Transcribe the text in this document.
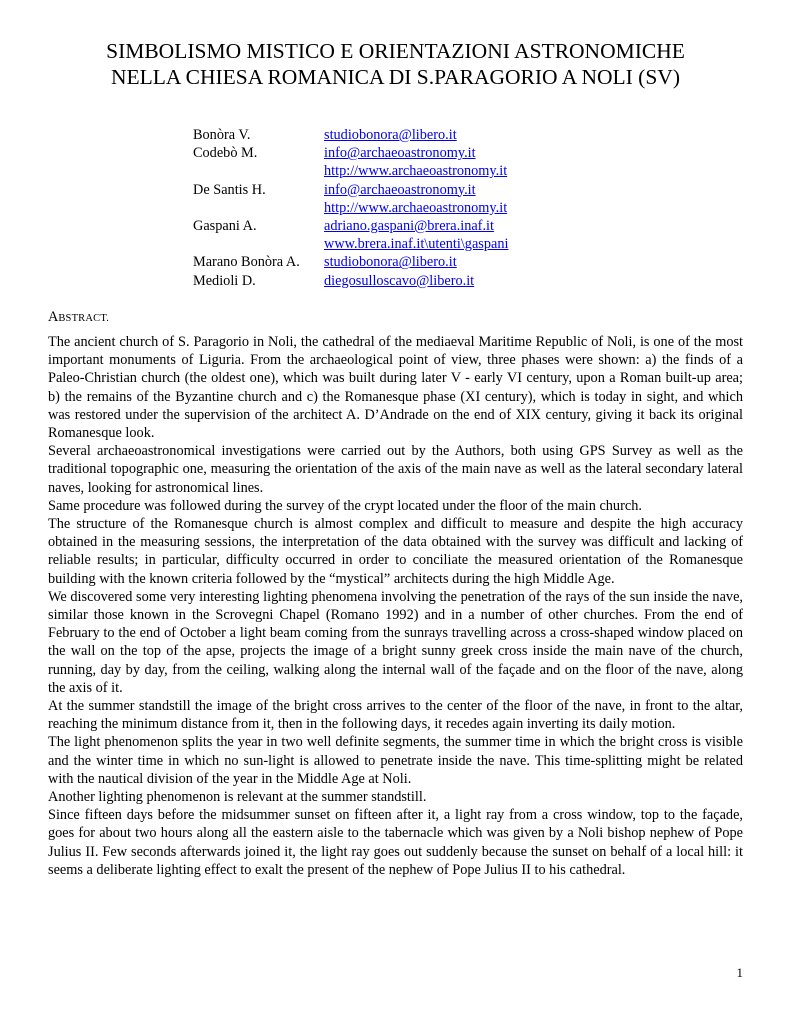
SIMBOLISMO MISTICO E ORIENTAZIONI ASTRONOMICHE
NELLA CHIESA ROMANICA DI S.PARAGORIO A NOLI (SV)
Bonòra V.	studiobonora@libero.it
Codebò M.	info@archaeoastronomy.it
http://www.archaeoastronomy.it
De Santis H.	info@archaeoastronomy.it
http://www.archaeoastronomy.it
Gaspani A.	adriano.gaspani@brera.inaf.it
www.brera.inaf.it\utenti\gaspani
Marano Bonòra A.	studiobonora@libero.it
Medioli D.	diegosulloscavo@libero.it
ABSTRACT.

The ancient church of S. Paragorio in Noli, the cathedral of the mediaeval Maritime Republic of Noli, is one of the most important monuments of Liguria. From the archaeological point of view, three phases were shown: a) the finds of a Paleo-Christian church (the oldest one), which was built during later V - early VI century, upon a Roman built-up area; b) the remains of the Byzantine church and c) the Romanesque phase (XI century), which is today in sight, and which was restored under the supervision of the architect A. D’Andrade on the end of XIX century, giving it back its original Romanesque look.

Several archaeoastronomical investigations were carried out by the Authors, both using GPS Survey as well as the traditional topographic one, measuring the orientation of the axis of the main nave as well as the lateral secondary lateral naves, looking for astronomical lines.

Same procedure was followed during the survey of the crypt located under the floor of the main church.

The structure of the Romanesque church is almost complex and difficult to measure and despite the high accuracy obtained in the measuring sessions, the interpretation of the data obtained with the survey was difficult and lacking of reliable results; in particular, difficulty occurred in order to conciliate the measured orientation of the Romanesque building with the known criteria followed by the “mystical” architects during the high Middle Age.

We discovered some very interesting lighting phenomena involving the penetration of the rays of the sun inside the nave, similar those known in the Scrovegni Chapel (Romano 1992) and in a number of other churches. From the end of February to the end of October a light beam coming from the sunrays travelling across a cross-shaped window placed on the wall on the top of the apse, projects the image of a bright sunny greek cross inside the main nave of the church, running, day by day, from the ceiling, walking along the internal wall of the façade and on the floor of the nave, along the axis of it.

At the summer standstill the image of the bright cross arrives to the center of the floor of the nave, in front to the altar, reaching the minimum distance from it, then in the following days, it recedes again inverting its daily motion.

The light phenomenon splits the year in two well definite segments, the summer time in which the bright cross is visible and the winter time in which no sun-light is allowed to penetrate inside the nave. This time-splitting might be related with the nautical division of the year in the Middle Age at Noli.

Another lighting phenomenon is relevant at the summer standstill.

Since fifteen days before the midsummer sunset on fifteen after it, a light ray from a cross window, top to the façade, goes for about two hours along all the eastern aisle to the tabernacle which was given by a Noli bishop nephew of Pope Julius II. Few seconds afterwards joined it, the light ray goes out suddenly because the sunset on behalf of a local hill: it seems a deliberate lighting effect to exalt the present of the nephew of Pope Julius II to his cathedral.

1
